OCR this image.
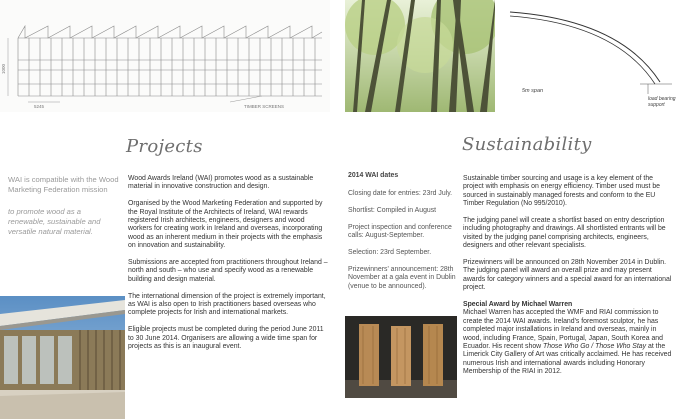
1000
5245	TIMBER SCREENS
5m span
load bearing
support
Projects	Sustainability
WAI is compatible with the Wood Marketing Federation mission
to promote wood as a renewable, sustainable and versatile natural material.

Wood Awards Ireland (WAI) promotes wood as a sustainable material in innovative construction and design.

Organised by the Wood Marketing Federation and supported by the Royal Institute of the Architects of Ireland, WAI rewards registered Irish architects, engineers, designers and wood workers for creating work in Ireland and overseas, incorporating wood as an inherent medium in their projects with the emphasis on innovation and sustainability.

Submissions are accepted from practitioners throughout Ireland – north and south – who use and specify wood as a renewable building and design material.

The international dimension of the project is extremely important, as WAI is also open to Irish practitioners based overseas who complete projects for Irish and international markets.

Eligible projects must be completed during the period June 2011 to 30 June 2014. Organisers are allowing a wide time span for projects as this is an inaugural event.

2014 WAI dates

Closing date for entries: 23rd July.

Shortlist: Compiled in August

Project inspection and conference calls: August-September.

Selection: 23rd September.

Prizewinners' announcement: 28th November at a gala event in Dublin (venue to be announced).

Sustainable timber sourcing and usage is a key element of the project with emphasis on energy efficiency. Timber used must be sourced in sustainably managed forests and conform to the EU Timber Regulation (No 995/2010).

The judging panel will create a shortlist based on entry description including photography and drawings. All shortlisted entrants will be visited by the judging panel comprising architects, engineers, designers and other relevant specialists.

Prizewinners will be announced on 28th November 2014 in Dublin. The judging panel will award an overall prize and may present awards for category winners and a special award for an international project.

Special Award by Michael Warren

Michael Warren has accepted the WMF and RIAI commission to create the 2014 WAI awards. Ireland's foremost sculptor, he has completed major installations in Ireland and overseas, mainly in wood, including France, Spain, Portugal, Japan, South Korea and Ecuador. His recent show Those Who Go / Those Who Stay at the Limerick City Gallery of Art was critically acclaimed. He has received numerous Irish and international awards including Honorary Membership of the RIAI in 2012.
